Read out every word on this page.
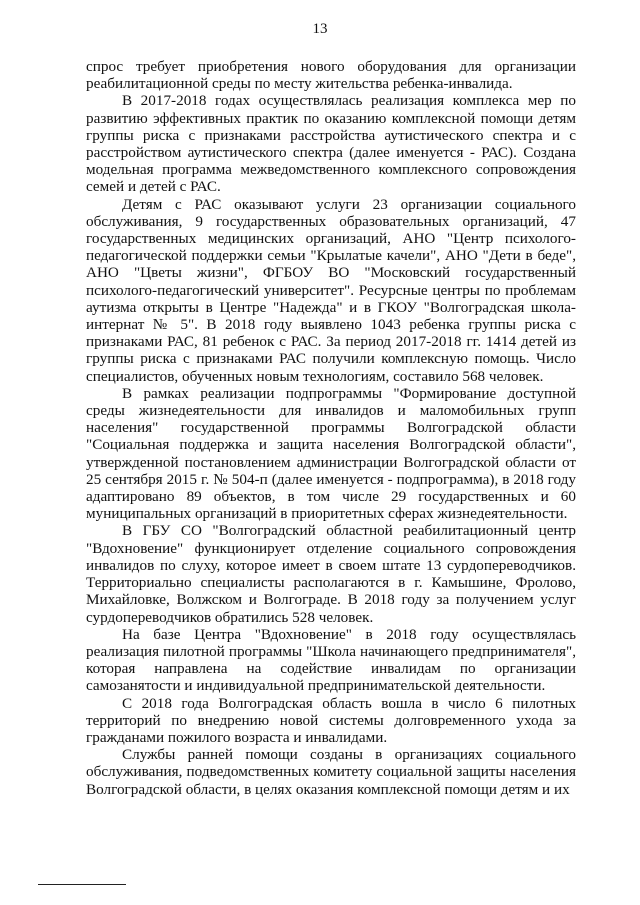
13

спрос требует приобретения нового оборудования для организации реабилитационной среды по месту жительства ребенка-инвалида.

В 2017-2018 годах осуществлялась реализация комплекса мер по развитию эффективных практик по оказанию комплексной помощи детям группы риска с признаками расстройства аутистического спектра и с расстройством аутистического спектра (далее именуется - РАС). Создана модельная программа межведомственного комплексного сопровождения семей и детей с РАС.

Детям с РАС оказывают услуги 23 организации социального обслуживания, 9 государственных образовательных организаций, 47 государственных медицинских организаций, АНО "Центр психолого-педагогической поддержки семьи "Крылатые качели", АНО "Дети в беде", АНО "Цветы жизни", ФГБОУ ВО "Московский государственный психолого-педагогический университет". Ресурсные центры по проблемам аутизма открыты в Центре "Надежда" и в ГКОУ "Волгоградская школа-интернат № 5". В 2018 году выявлено 1043 ребенка группы риска с признаками РАС, 81 ребенок с РАС. За период 2017-2018 гг. 1414 детей из группы риска с признаками РАС получили комплексную помощь. Число специалистов, обученных новым технологиям, составило 568 человек.

В рамках реализации подпрограммы "Формирование доступной среды жизнедеятельности для инвалидов и маломобильных групп населения" государственной программы Волгоградской области "Социальная поддержка и защита населения Волгоградской области", утвержденной постановлением администрации Волгоградской области от 25 сентября 2015 г. № 504-п (далее именуется - подпрограмма), в 2018 году адаптировано 89 объектов, в том числе 29 государственных и 60 муниципальных организаций в приоритетных сферах жизнедеятельности.

В ГБУ СО "Волгоградский областной реабилитационный центр "Вдохновение" функционирует отделение социального сопровождения инвалидов по слуху, которое имеет в своем штате 13 сурдопереводчиков. Территориально специалисты располагаются в г. Камышине, Фролово, Михайловке, Волжском и Волгограде. В 2018 году за получением услуг сурдопереводчиков обратились 528 человек.

На базе Центра "Вдохновение" в 2018 году осуществлялась реализация пилотной программы "Школа начинающего предпринимателя", которая направлена на содействие инвалидам по организации самозанятости и индивидуальной предпринимательской деятельности.

С 2018 года Волгоградская область вошла в число 6 пилотных территорий по внедрению новой системы долговременного ухода за гражданами пожилого возраста и инвалидами.

Службы ранней помощи созданы в организациях социального обслуживания, подведомственных комитету социальной защиты населения Волгоградской области, в целях оказания комплексной помощи детям и их
